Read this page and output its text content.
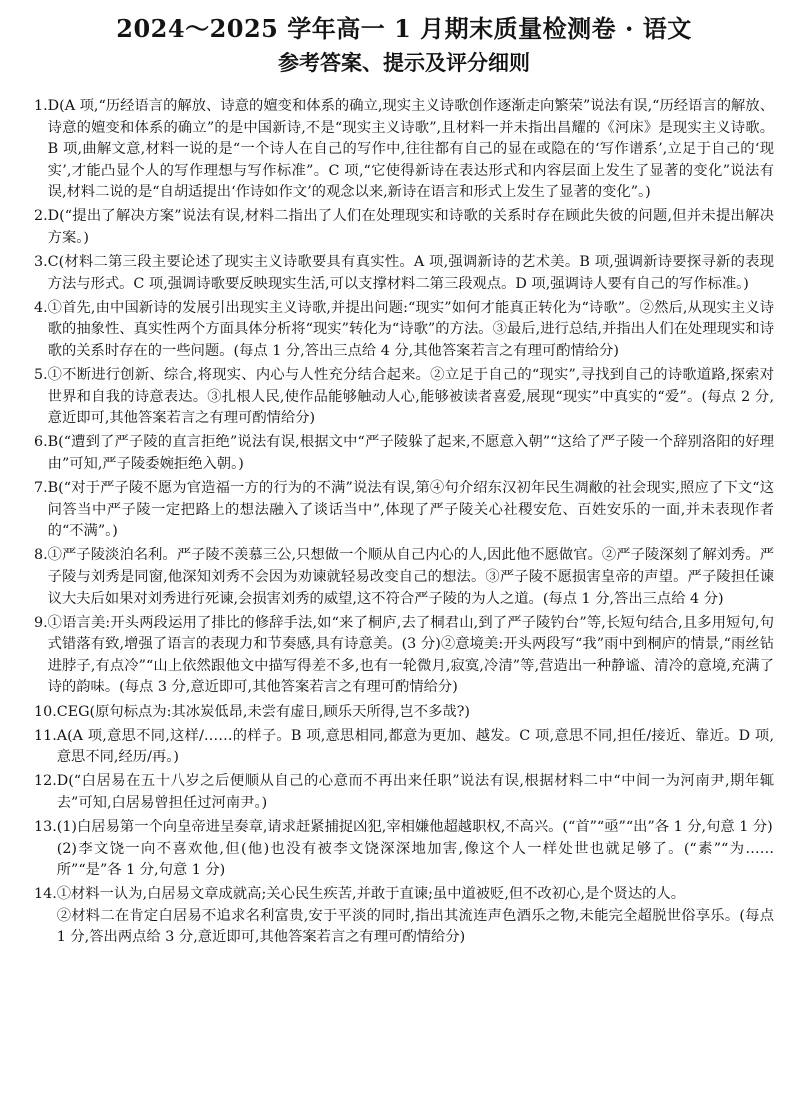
2024～2025 学年高一 1 月期末质量检测卷 · 语文
参考答案、提示及评分细则
1. D(A 项,“历经语言的解放、诗意的嬗变和体系的确立,现实主义诗歌创作逐渐走向繁荣”说法有误,“历经语言的解放、诗意的嬗变和体系的确立”的是中国新诗,不是“现实主义诗歌”,且材料一并未指出昌耀的《河床》是现实主义诗歌。B 项,曲解文意,材料一说的是“一个诗人在自己的写作中,往往都有自己的显在或隐在的‘写作谱系’,立足于自己的‘现实’,才能凸显个人的写作理想与写作标准”。C 项,“它使得新诗在表达形式和内容层面上发生了显著的变化”说法有误,材料二说的是“自胡适提出‘作诗如作文’的观念以来,新诗在语言和形式上发生了显著的变化”。)
2. D(“提出了解决方案”说法有误,材料二指出了人们在处理现实和诗歌的关系时存在顾此失彼的问题,但并未提出解决方案。)
3. C(材料二第三段主要论述了现实主义诗歌要具有真实性。A 项,强调新诗的艺术美。B 项,强调新诗要探寻新的表现方法与形式。C 项,强调诗歌要反映现实生活,可以支撑材料二第三段观点。D 项,强调诗人要有自己的写作标准。)
4. ①首先,由中国新诗的发展引出现实主义诗歌,并提出问题:“现实”如何才能真正转化为“诗歌”。②然后,从现实主义诗歌的抽象性、真实性两个方面具体分析将“现实”转化为“诗歌”的方法。③最后,进行总结,并指出人们在处理现实和诗歌的关系时存在的一些问题。(每点 1 分,答出三点给 4 分,其他答案若言之有理可酌情给分)
5. ①不断进行创新、综合,将现实、内心与人性充分结合起来。②立足于自己的“现实”,寻找到自己的诗歌道路,探索对世界和自我的诗意表达。③扎根人民,使作品能够触动人心,能够被读者喜爱,展现“现实”中真实的“爱”。(每点 2 分,意近即可,其他答案若言之有理可酌情给分)
6. B(“遭到了严子陵的直言拒绝”说法有误,根据文中“严子陵躲了起来,不愿意入朝”“这给了严子陵一个辞别洛阳的好理由”可知,严子陵委婉拒绝入朝。)
7. B(“对于严子陵不愿为官造福一方的行为的不满”说法有误,第④句介绍东汉初年民生凋敝的社会现实,照应了下文“这问答当中严子陵一定把路上的想法融入了谈话当中”,体现了严子陵关心社稷安危、百姓安乐的一面,并未表现作者的“不满”。)
8. ①严子陵淡泊名利。严子陵不羡慕三公,只想做一个顺从自己内心的人,因此他不愿做官。②严子陵深刻了解刘秀。严子陵与刘秀是同窗,他深知刘秀不会因为劝谏就轻易改变自己的想法。③严子陵不愿损害皇帝的声望。严子陵担任谏议大夫后如果对刘秀进行死谏,会损害刘秀的威望,这不符合严子陵的为人之道。(每点 1 分,答出三点给 4 分)
9. ①语言美:开头两段运用了排比的修辞手法,如“来了桐庐,去了桐君山,到了严子陵钓台”等,长短句结合,且多用短句,句式错落有致,增强了语言的表现力和节奏感,具有诗意美。(3 分)②意境美:开头两段写“我”雨中到桐庐的情景,“雨丝钻进脖子,有点冷”“山上依然跟他文中描写得差不多,也有一轮微月,寂寞,冷清”等,营造出一种静谧、清冷的意境,充满了诗的韵味。(每点 3 分,意近即可,其他答案若言之有理可酌情给分)
10. CEG(原句标点为:其冰炭低昂,未尝有虚日,顾乐天所得,岂不多哉?)
11. A(A 项,意思不同,这样/……的样子。B 项,意思相同,都意为更加、越发。C 项,意思不同,担任/接近、靠近。D 项,意思不同,经历/再。)
12. D(“白居易在五十八岁之后便顺从自己的心意而不再出来任职”说法有误,根据材料二中“中间一为河南尹,期年辄去”可知,白居易曾担任过河南尹。)
13. (1)白居易第一个向皇帝进呈奏章,请求赶紧捕捉凶犯,宰相嫌他超越职权,不高兴。(“首”“亟”“出”各 1 分,句意 1 分)
(2)李文饶一向不喜欢他,但(他)也没有被李文饶深深地加害,像这个人一样处世也就足够了。(“素”“为……所”“是”各 1 分,句意 1 分)
14. ①材料一认为,白居易文章成就高;关心民生疾苦,并敢于直谏;虽中道被贬,但不改初心,是个贤达的人。
②材料二在肯定白居易不追求名利富贵,安于平淡的同时,指出其流连声色酒乐之物,未能完全超脱世俗享乐。(每点 1 分,答出两点给 3 分,意近即可,其他答案若言之有理可酌情给分)
